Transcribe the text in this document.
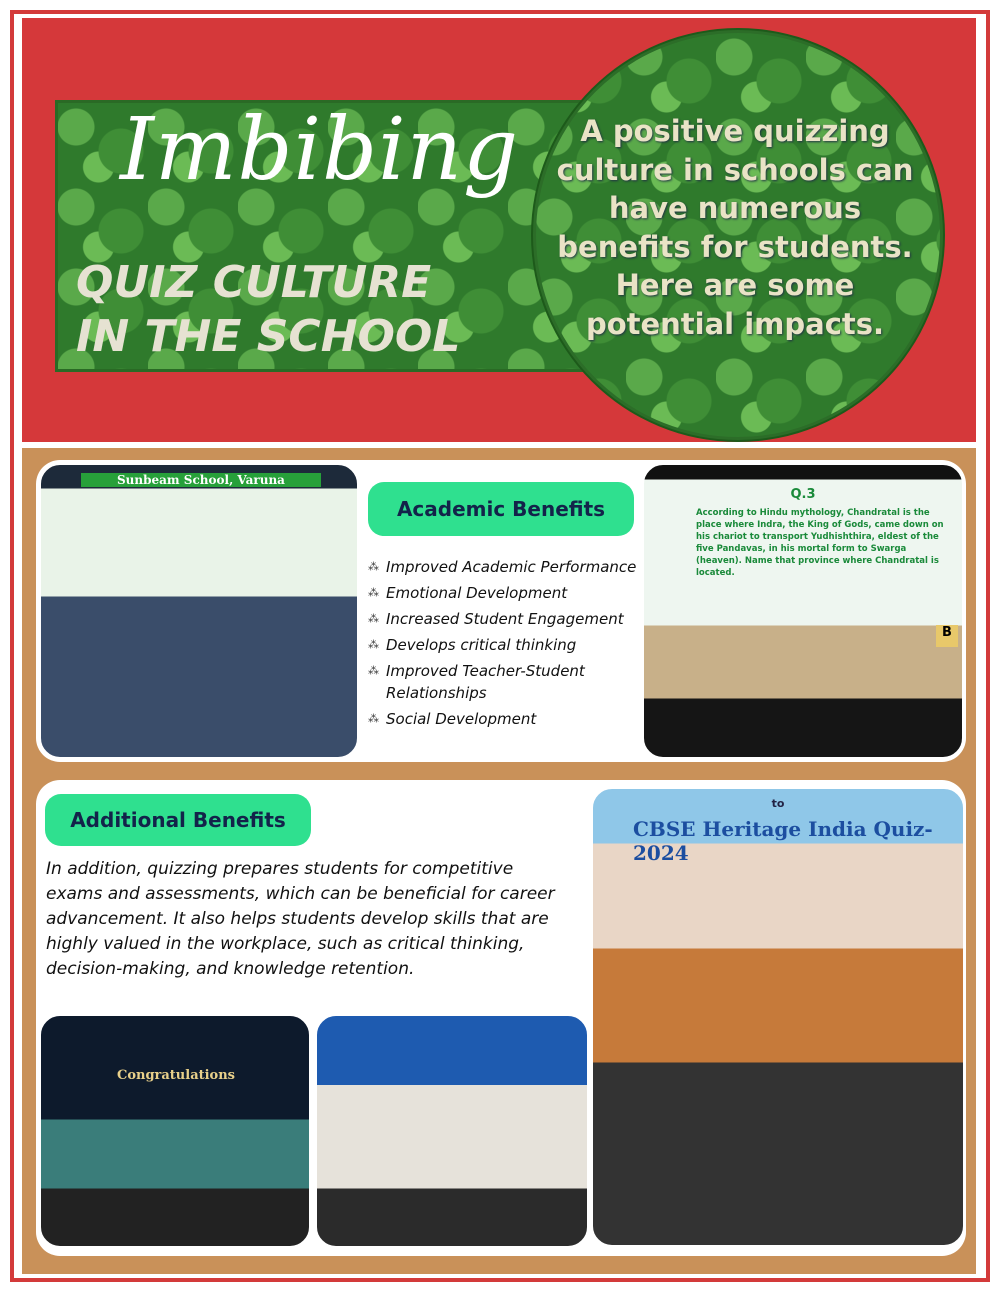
Imbibing
QUIZ CULTURE
IN THE SCHOOL
A positive quizzing culture in schools can have numerous benefits for students. Here are some potential impacts.
Sunbeam School, Varuna
Academic Benefits
⁂ Improved Academic Performance
⁂ Emotional Development
⁂ Increased Student Engagement
⁂ Develops critical thinking
⁂ Improved Teacher-Student Relationships
⁂ Social Development
Q.3
According to Hindu mythology, Chandratal is the place where Indra, the King of Gods, came down on his chariot to transport Yudhishthira, eldest of the five Pandavas, in his mortal form to Swarga (heaven). Name that province where Chandratal is located.
B
Additional Benefits
In addition, quizzing prepares students for competitive exams and assessments, which can be beneficial for career advancement. It also helps students develop skills that are highly valued in the workplace, such as critical thinking, decision-making, and knowledge retention.
Congratulations
to
CBSE Heritage India Quiz-2024
